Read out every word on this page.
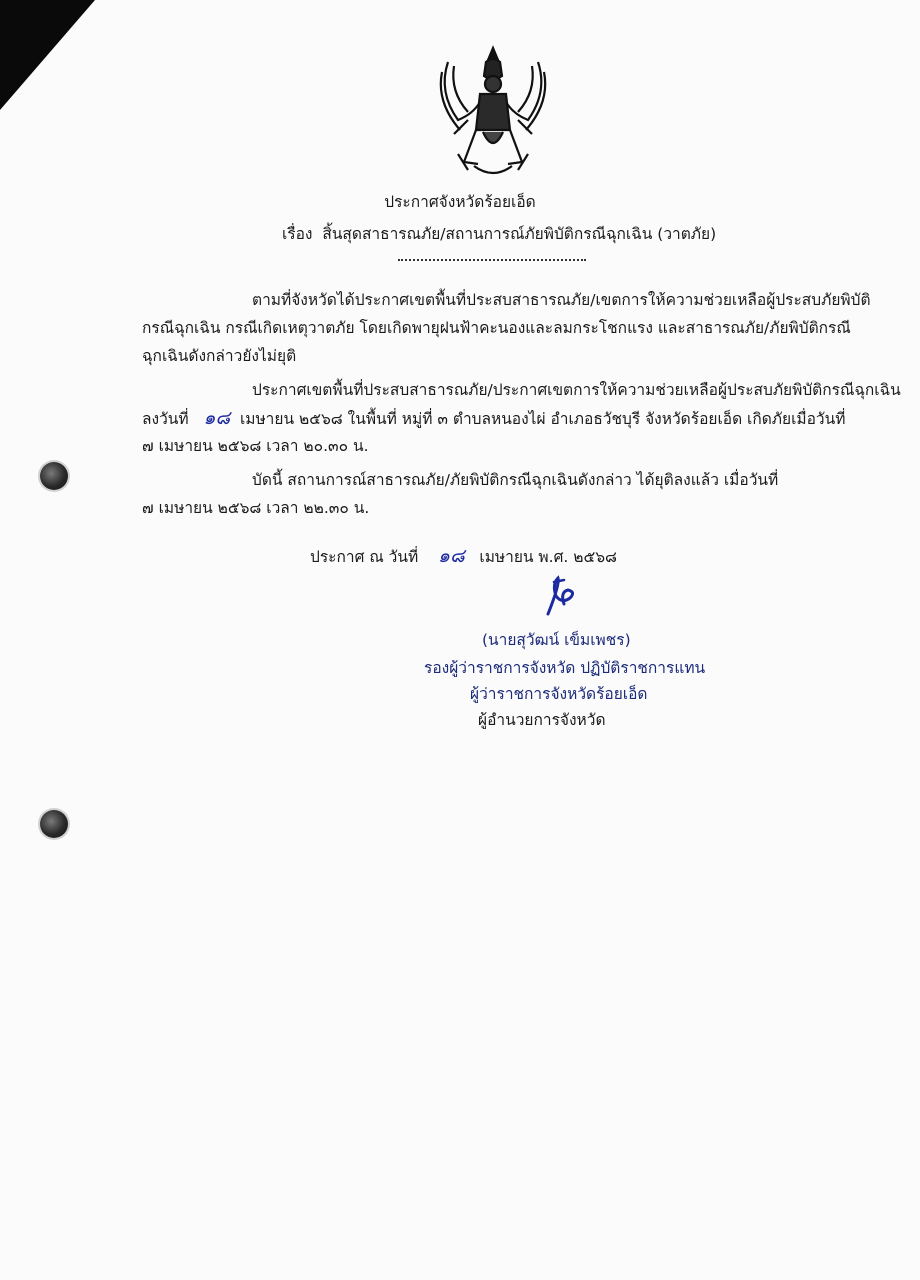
ประกาศจังหวัดร้อยเอ็ด
เรื่อง สิ้นสุดสาธารณภัย/สถานการณ์ภัยพิบัติกรณีฉุกเฉิน (วาตภัย)
ตามที่จังหวัดได้ประกาศเขตพื้นที่ประสบสาธารณภัย/เขตการให้ความช่วยเหลือผู้ประสบภัยพิบัติ
กรณีฉุกเฉิน กรณีเกิดเหตุวาตภัย โดยเกิดพายุฝนฟ้าคะนองและลมกระโชกแรง และสาธารณภัย/ภัยพิบัติกรณี
ฉุกเฉินดังกล่าวยังไม่ยุติ
ประกาศเขตพื้นที่ประสบสาธารณภัย/ประกาศเขตการให้ความช่วยเหลือผู้ประสบภัยพิบัติกรณีฉุกเฉิน
ลงวันที่ ๑๘ เมษายน ๒๕๖๘ ในพื้นที่ หมู่ที่ ๓ ตำบลหนองไผ่ อำเภอธวัชบุรี จังหวัดร้อยเอ็ด เกิดภัยเมื่อวันที่
๗ เมษายน ๒๕๖๘ เวลา ๒๐.๓๐ น.
บัดนี้ สถานการณ์สาธารณภัย/ภัยพิบัติกรณีฉุกเฉินดังกล่าว ได้ยุติลงแล้ว เมื่อวันที่
๗ เมษายน ๒๕๖๘ เวลา ๒๒.๓๐ น.
ประกาศ ณ วันที่ ๑๘ เมษายน พ.ศ. ๒๕๖๘
(นายสุวัฒน์ เข็มเพชร)
รองผู้ว่าราชการจังหวัด ปฏิบัติราชการแทน
ผู้ว่าราชการจังหวัดร้อยเอ็ด
ผู้อำนวยการจังหวัด
